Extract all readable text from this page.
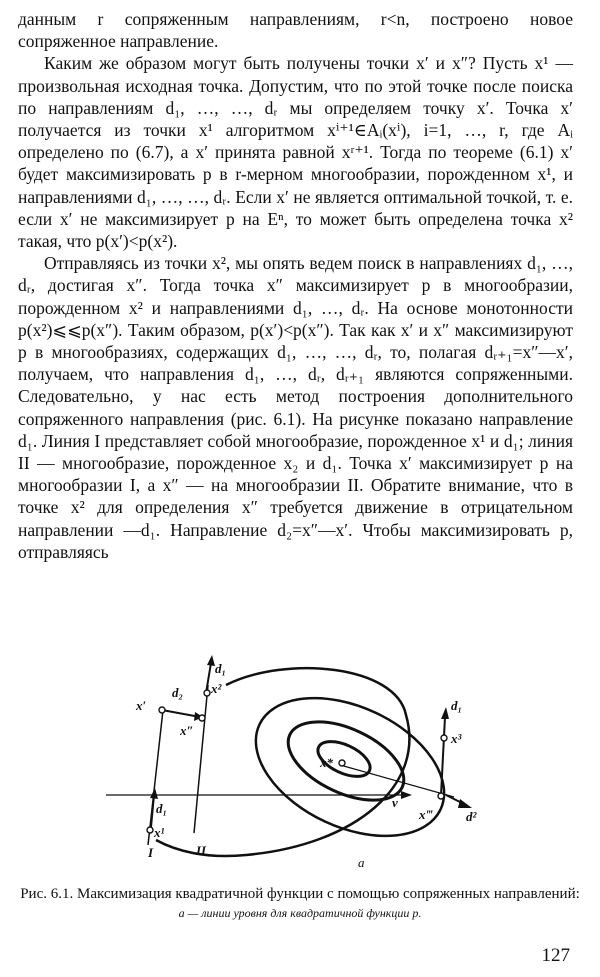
данным r сопряженным направлениям, r<n, построено новое сопряженное направление.

Каким же образом могут быть получены точки x′ и x″? Пусть x¹ — произвольная исходная точка. Допустим, что по этой точке после поиска по направлениям d₁, …, …, dᵣ мы определяем точку x′. Точка x′ получается из точки x¹ алгоритмом xⁱ⁺¹∈Aᵢ(xⁱ), i=1, …, r, где Aᵢ определено по (6.7), а x′ принята равной xʳ⁺¹. Тогда по теореме (6.1) x′ будет максимизировать p в r-мерном многообразии, порожденном x¹, и направлениями d₁, …, …, dᵣ. Если x′ не является оптимальной точкой, т. е. если x′ не максимизирует p на Eⁿ, то может быть определена точка x² такая, что p(x′)<p(x²).

Отправляясь из точки x², мы опять ведем поиск в направлениях d₁, …, dᵣ, достигая x″. Тогда точка x″ максимизирует p в многообразии, порожденном x² и направлениями d₁, …, dᵣ. На основе монотонности p(x²)⩽⩽p(x″). Таким образом, p(x′)<p(x″). Так как x′ и x″ максимизируют p в многообразиях, содержащих d₁, …, …, dᵣ, то, полагая dᵣ₊₁=x″—x′, получаем, что направления d₁, …, dᵣ, dᵣ₊₁ являются сопряженными. Следовательно, у нас есть метод построения дополнительного сопряженного направления (рис. 6.1). На рисунке показано направление d₁. Линия I представляет собой многообразие, порожденное x¹ и d₁; линия II — многообразие, порожденное x₂ и d₁. Точка x′ максимизирует p на многообразии I, а x″ — на многообразии II. Обратите внимание, что в точке x² для определения x″ требуется движение в отрицательном направлении —d₁. Направление d₂=x″—x′. Чтобы максимизировать p, отправляясь

x′
d₂
d₁
x²
x″
d₁
x³
x*
v
x‴	d²
d₁
x¹
I	II
a
Рис. 6.1. Максимизация квадратичной функции с помощью сопряженных направлений:
a — линии уровня для квадратичной функции p.
127
